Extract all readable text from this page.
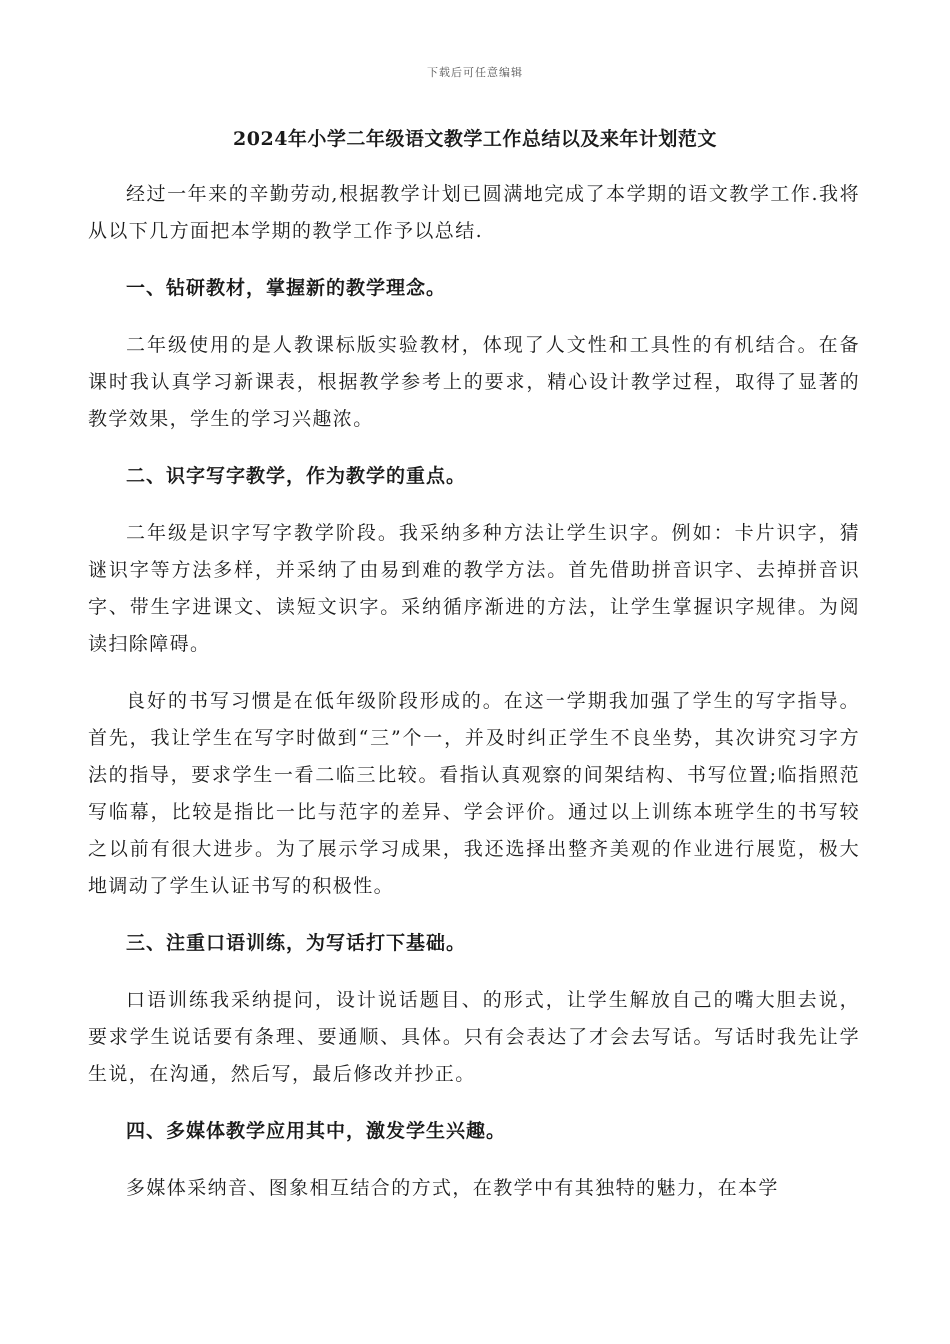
下载后可任意编辑
2024年小学二年级语文教学工作总结以及来年计划范文

经过一年来的辛勤劳动,根据教学计划已圆满地完成了本学期的语文教学工作.我将从以下几方面把本学期的教学工作予以总结.

一、钻研教材，掌握新的教学理念。

二年级使用的是人教课标版实验教材，体现了人文性和工具性的有机结合。在备课时我认真学习新课表，根据教学参考上的要求，精心设计教学过程，取得了显著的教学效果，学生的学习兴趣浓。

二、识字写字教学，作为教学的重点。

二年级是识字写字教学阶段。我采纳多种方法让学生识字。例如：卡片识字，猜谜识字等方法多样，并采纳了由易到难的教学方法。首先借助拼音识字、去掉拼音识字、带生字进课文、读短文识字。采纳循序渐进的方法，让学生掌握识字规律。为阅读扫除障碍。

良好的书写习惯是在低年级阶段形成的。在这一学期我加强了学生的写字指导。首先，我让学生在写字时做到“三”个一，并及时纠正学生不良坐势，其次讲究习字方法的指导，要求学生一看二临三比较。看指认真观察的间架结构、书写位置;临指照范写临幕，比较是指比一比与范字的差异、学会评价。通过以上训练本班学生的书写较之以前有很大进步。为了展示学习成果，我还选择出整齐美观的作业进行展览，极大地调动了学生认证书写的积极性。

三、注重口语训练，为写话打下基础。

口语训练我采纳提问，设计说话题目、的形式，让学生解放自己的嘴大胆去说，要求学生说话要有条理、要通顺、具体。只有会表达了才会去写话。写话时我先让学生说，在沟通，然后写，最后修改并抄正。

四、多媒体教学应用其中，激发学生兴趣。

多媒体采纳音、图象相互结合的方式，在教学中有其独特的魅力，在本学
